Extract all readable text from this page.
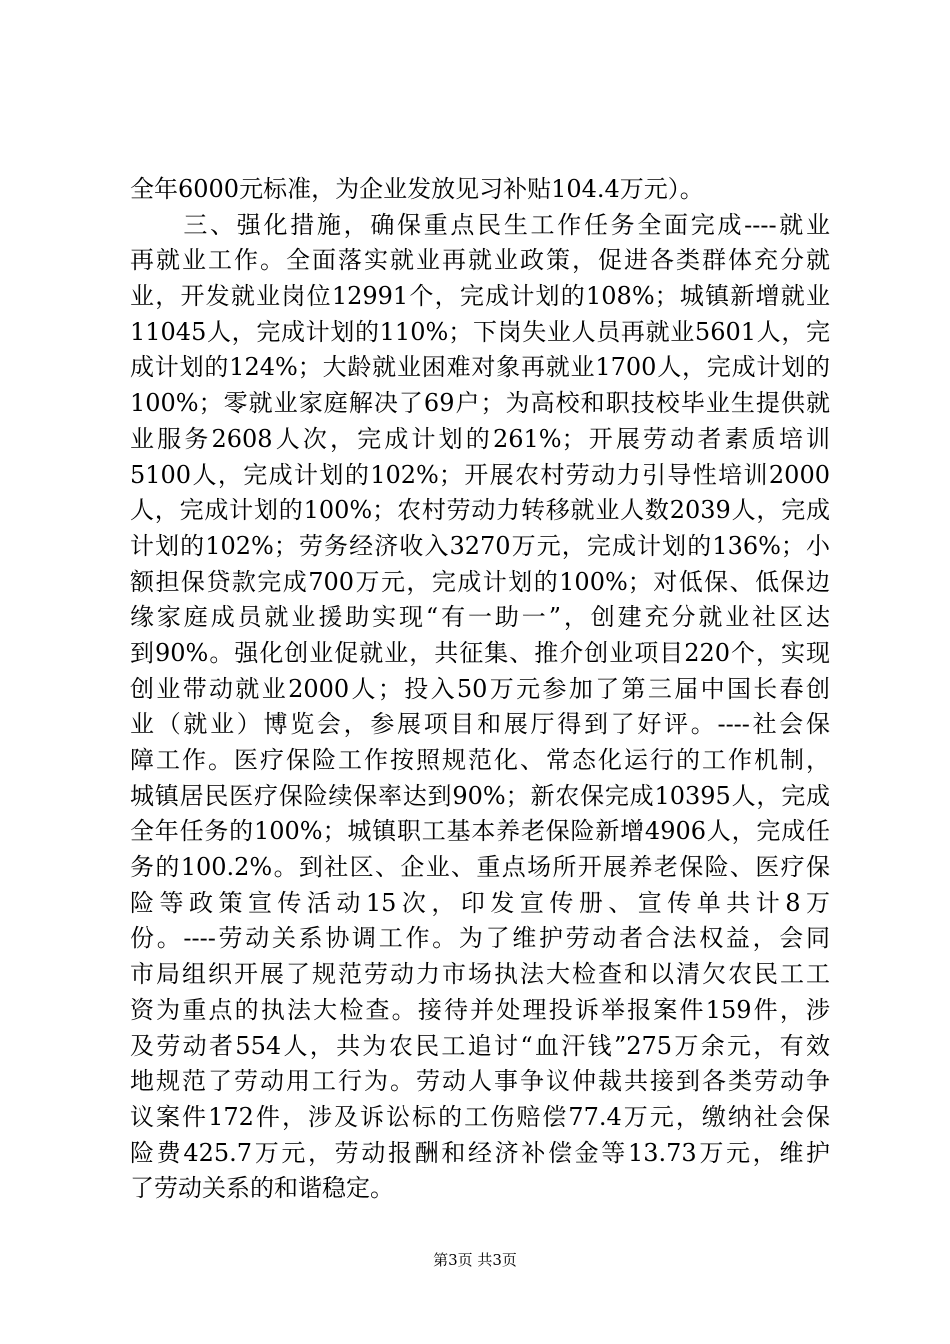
全年6000元标准，为企业发放见习补贴104.4万元）。
　　三、强化措施，确保重点民生工作任务全面完成----就业
再就业工作。全面落实就业再就业政策，促进各类群体充分就
业，开发就业岗位12991个，完成计划的108%；城镇新增就业
11045人，完成计划的110%；下岗失业人员再就业5601人，完
成计划的124%；大龄就业困难对象再就业1700人，完成计划的
100%；零就业家庭解决了69户；为高校和职技校毕业生提供就
业服务2608人次，完成计划的261%；开展劳动者素质培训
5100人，完成计划的102%；开展农村劳动力引导性培训2000
人，完成计划的100%；农村劳动力转移就业人数2039人，完成
计划的102%；劳务经济收入3270万元，完成计划的136%；小
额担保贷款完成700万元，完成计划的100%；对低保、低保边
缘家庭成员就业援助实现“有一助一”，创建充分就业社区达
到90%。强化创业促就业，共征集、推介创业项目220个，实现
创业带动就业2000人；投入50万元参加了第三届中国长春创
业（就业）博览会，参展项目和展厅得到了好评。----社会保
障工作。医疗保险工作按照规范化、常态化运行的工作机制，
城镇居民医疗保险续保率达到90%；新农保完成10395人，完成
全年任务的100%；城镇职工基本养老保险新增4906人，完成任
务的100.2%。到社区、企业、重点场所开展养老保险、医疗保
险等政策宣传活动15次，印发宣传册、宣传单共计8万
份。----劳动关系协调工作。为了维护劳动者合法权益，会同
市局组织开展了规范劳动力市场执法大检查和以清欠农民工工
资为重点的执法大检查。接待并处理投诉举报案件159件，涉
及劳动者554人，共为农民工追讨“血汗钱”275万余元，有效
地规范了劳动用工行为。劳动人事争议仲裁共接到各类劳动争
议案件172件，涉及诉讼标的工伤赔偿77.4万元，缴纳社会保
险费425.7万元，劳动报酬和经济补偿金等13.73万元，维护
了劳动关系的和谐稳定。
第3页 共3页
